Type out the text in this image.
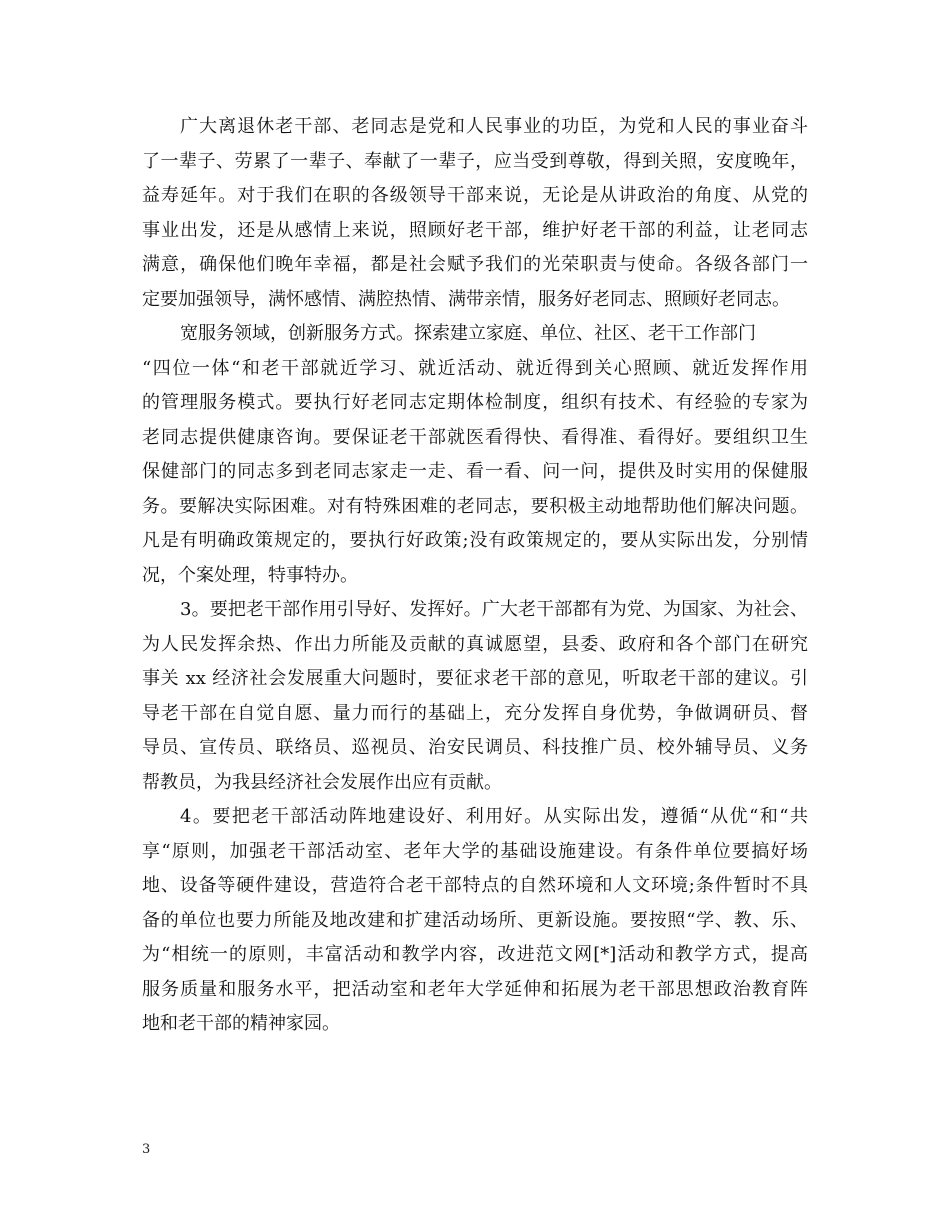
广大离退休老干部、老同志是党和人民事业的功臣，为党和人民的事业奋斗
了一辈子、劳累了一辈子、奉献了一辈子，应当受到尊敬，得到关照，安度晚年，
益寿延年。对于我们在职的各级领导干部来说，无论是从讲政治的角度、从党的
事业出发，还是从感情上来说，照顾好老干部，维护好老干部的利益，让老同志
满意，确保他们晚年幸福，都是社会赋予我们的光荣职责与使命。各级各部门一
定要加强领导，满怀感情、满腔热情、满带亲情，服务好老同志、照顾好老同志。
宽服务领域，创新服务方式。探索建立家庭、单位、社区、老干工作部门
“四位一体“和老干部就近学习、就近活动、就近得到关心照顾、就近发挥作用
的管理服务模式。要执行好老同志定期体检制度，组织有技术、有经验的专家为
老同志提供健康咨询。要保证老干部就医看得快、看得准、看得好。要组织卫生
保健部门的同志多到老同志家走一走、看一看、问一问，提供及时实用的保健服
务。要解决实际困难。对有特殊困难的老同志，要积极主动地帮助他们解决问题。
凡是有明确政策规定的，要执行好政策;没有政策规定的，要从实际出发，分别情
况，个案处理，特事特办。
3。要把老干部作用引导好、发挥好。广大老干部都有为党、为国家、为社会、
为人民发挥余热、作出力所能及贡献的真诚愿望，县委、政府和各个部门在研究
事关 xx 经济社会发展重大问题时，要征求老干部的意见，听取老干部的建议。引
导老干部在自觉自愿、量力而行的基础上，充分发挥自身优势，争做调研员、督
导员、宣传员、联络员、巡视员、治安民调员、科技推广员、校外辅导员、义务
帮教员，为我县经济社会发展作出应有贡献。
4。要把老干部活动阵地建设好、利用好。从实际出发，遵循“从优“和“共
享“原则，加强老干部活动室、老年大学的基础设施建设。有条件单位要搞好场
地、设备等硬件建设，营造符合老干部特点的自然环境和人文环境;条件暂时不具
备的单位也要力所能及地改建和扩建活动场所、更新设施。要按照“学、教、乐、
为“相统一的原则，丰富活动和教学内容，改进范文网[*]活动和教学方式，提高
服务质量和服务水平，把活动室和老年大学延伸和拓展为老干部思想政治教育阵
地和老干部的精神家园。
3
